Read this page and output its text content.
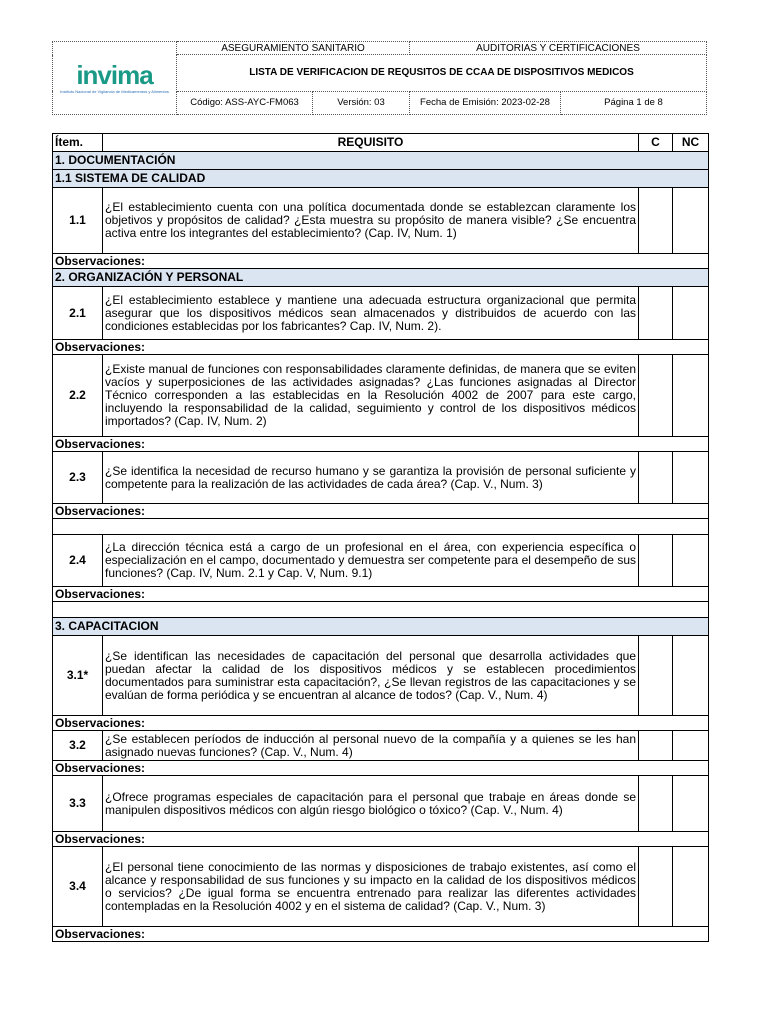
invima
Instituto Nacional de Vigilancia de Medicamentos y Alimentos	ASEGURAMIENTO SANITARIO		AUDITORIAS Y CERTIFICACIONES	
	LISTA DE VERIFICACION DE REQUSITOS DE CCAA DE DISPOSITIVOS MEDICOS			
	Código: ASS-AYC-FM063	Versión: 03	Fecha de Emisión: 2023-02-28	Página 1 de 8
Ítem.	REQUISITO	C	NC
1. DOCUMENTACIÓN			
1.1 SISTEMA DE CALIDAD			
1.1	¿El establecimiento cuenta con una política documentada donde se establezcan claramente los objetivos y propósitos de calidad? ¿Esta muestra su propósito de manera visible? ¿Se encuentra activa entre los integrantes del establecimiento? (Cap. IV, Num. 1)		
Observaciones:			
2. ORGANIZACIÓN Y PERSONAL			
2.1	¿El establecimiento establece y mantiene una adecuada estructura organizacional que permita asegurar que los dispositivos médicos sean almacenados y distribuidos de acuerdo con las condiciones establecidas por los fabricantes? Cap. IV, Num. 2).		
Observaciones:			
2.2	¿Existe manual de funciones con responsabilidades claramente definidas, de manera que se eviten vacíos y superposiciones de las actividades asignadas? ¿Las funciones asignadas al Director Técnico corresponden a las establecidas en la Resolución 4002 de 2007 para este cargo, incluyendo la responsabilidad de la calidad, seguimiento y control de los dispositivos médicos importados? (Cap. IV, Num. 2)		
Observaciones:			
2.3	¿Se identifica la necesidad de recurso humano y se garantiza la provisión de personal suficiente y competente para la realización de las actividades de cada área? (Cap. V., Num. 3)		
Observaciones:			

2.4	¿La dirección técnica está a cargo de un profesional en el área, con experiencia específica o especialización en el campo, documentado y demuestra ser competente para el desempeño de sus funciones? (Cap. IV, Num. 2.1 y Cap. V, Num. 9.1)		
Observaciones:			

3. CAPACITACION			
3.1*	¿Se identifican las necesidades de capacitación del personal que desarrolla actividades que puedan afectar la calidad de los dispositivos médicos y se establecen procedimientos documentados para suministrar esta capacitación?, ¿Se llevan registros de las capacitaciones y se evalúan de forma periódica y se encuentran al alcance de todos? (Cap. V., Num. 4)		
Observaciones:			
3.2	¿Se establecen períodos de inducción al personal nuevo de la compañía y a quienes se les han asignado nuevas funciones? (Cap. V., Num. 4)		
Observaciones:			
3.3	¿Ofrece programas especiales de capacitación para el personal que trabaje en áreas donde se manipulen dispositivos médicos con algún riesgo biológico o tóxico? (Cap. V., Num. 4)		
Observaciones:			
3.4	¿El personal tiene conocimiento de las normas y disposiciones de trabajo existentes, así como el alcance y responsabilidad de sus funciones y su impacto en la calidad de los dispositivos médicos o servicios? ¿De igual forma se encuentra entrenado para realizar las diferentes actividades contempladas en la Resolución 4002 y en el sistema de calidad? (Cap. V., Num. 3)		
Observaciones:			
